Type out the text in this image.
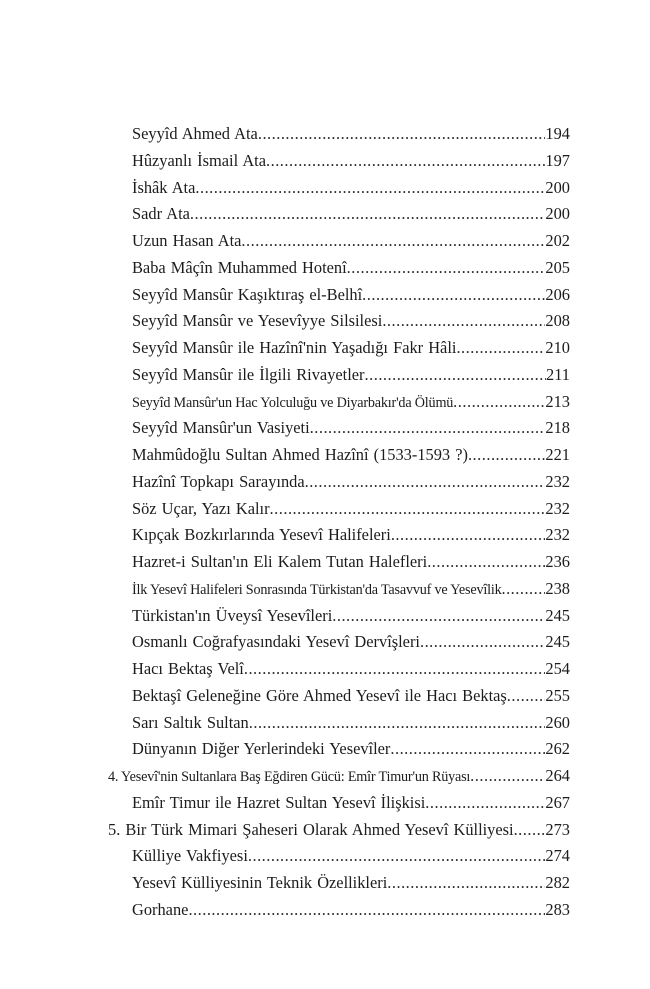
Seyyîd Ahmed Ata .....	194
Hûzyanlı İsmail Ata .....	197
İshâk Ata .....	200
Sadr Ata .....	200
Uzun Hasan Ata .....	202
Baba Mâçîn Muhammed Hotenî .....	205
Seyyîd Mansûr Kaşıktıraş el-Belhî .....	206
Seyyîd Mansûr ve Yesevîyye Silsilesi .....	208
Seyyîd Mansûr ile Hazînî'nin Yaşadığı Fakr Hâli .....	210
Seyyîd Mansûr ile İlgili Rivayetler .....	211
Seyyîd Mansûr'un Hac Yolculuğu ve Diyarbakır'da Ölümü .....	213
Seyyîd Mansûr'un Vasiyeti .....	218
Mahmûdoğlu Sultan Ahmed Hazînî (1533-1593 ?) .....	221
Hazînî Topkapı Sarayında .....	232
Söz Uçar, Yazı Kalır .....	232
Kıpçak Bozkırlarında Yesevî Halifeleri .....	232
Hazret-i Sultan'ın Eli Kalem Tutan Halefleri .....	236
İlk Yesevî Halifeleri Sonrasında Türkistan'da Tasavvuf ve Yesevîlik .....	238
Türkistan'ın Üveysî Yesevîleri .....	245
Osmanlı Coğrafyasındaki Yesevî Dervîşleri .....	245
Hacı Bektaş Velî .....	254
Bektaşî Geleneğine Göre Ahmed Yesevî ile Hacı Bektaş ..... 255
Sarı Saltık Sultan .....	260
Dünyanın Diğer Yerlerindeki Yesevîler .....	262
4. Yesevî'nin Sultanlara Baş Eğdiren Gücü: Emîr Timur'un Rüyası .....	264
Emîr Timur ile Hazret Sultan Yesevî İlişkisi .....	267
5. Bir Türk Mimari Şaheseri Olarak Ahmed Yesevî Külliyesi ..... 273
Külliye Vakfiyesi .....	274
Yesevî Külliyesinin Teknik Özellikleri .....	282
Gorhane .....	283
